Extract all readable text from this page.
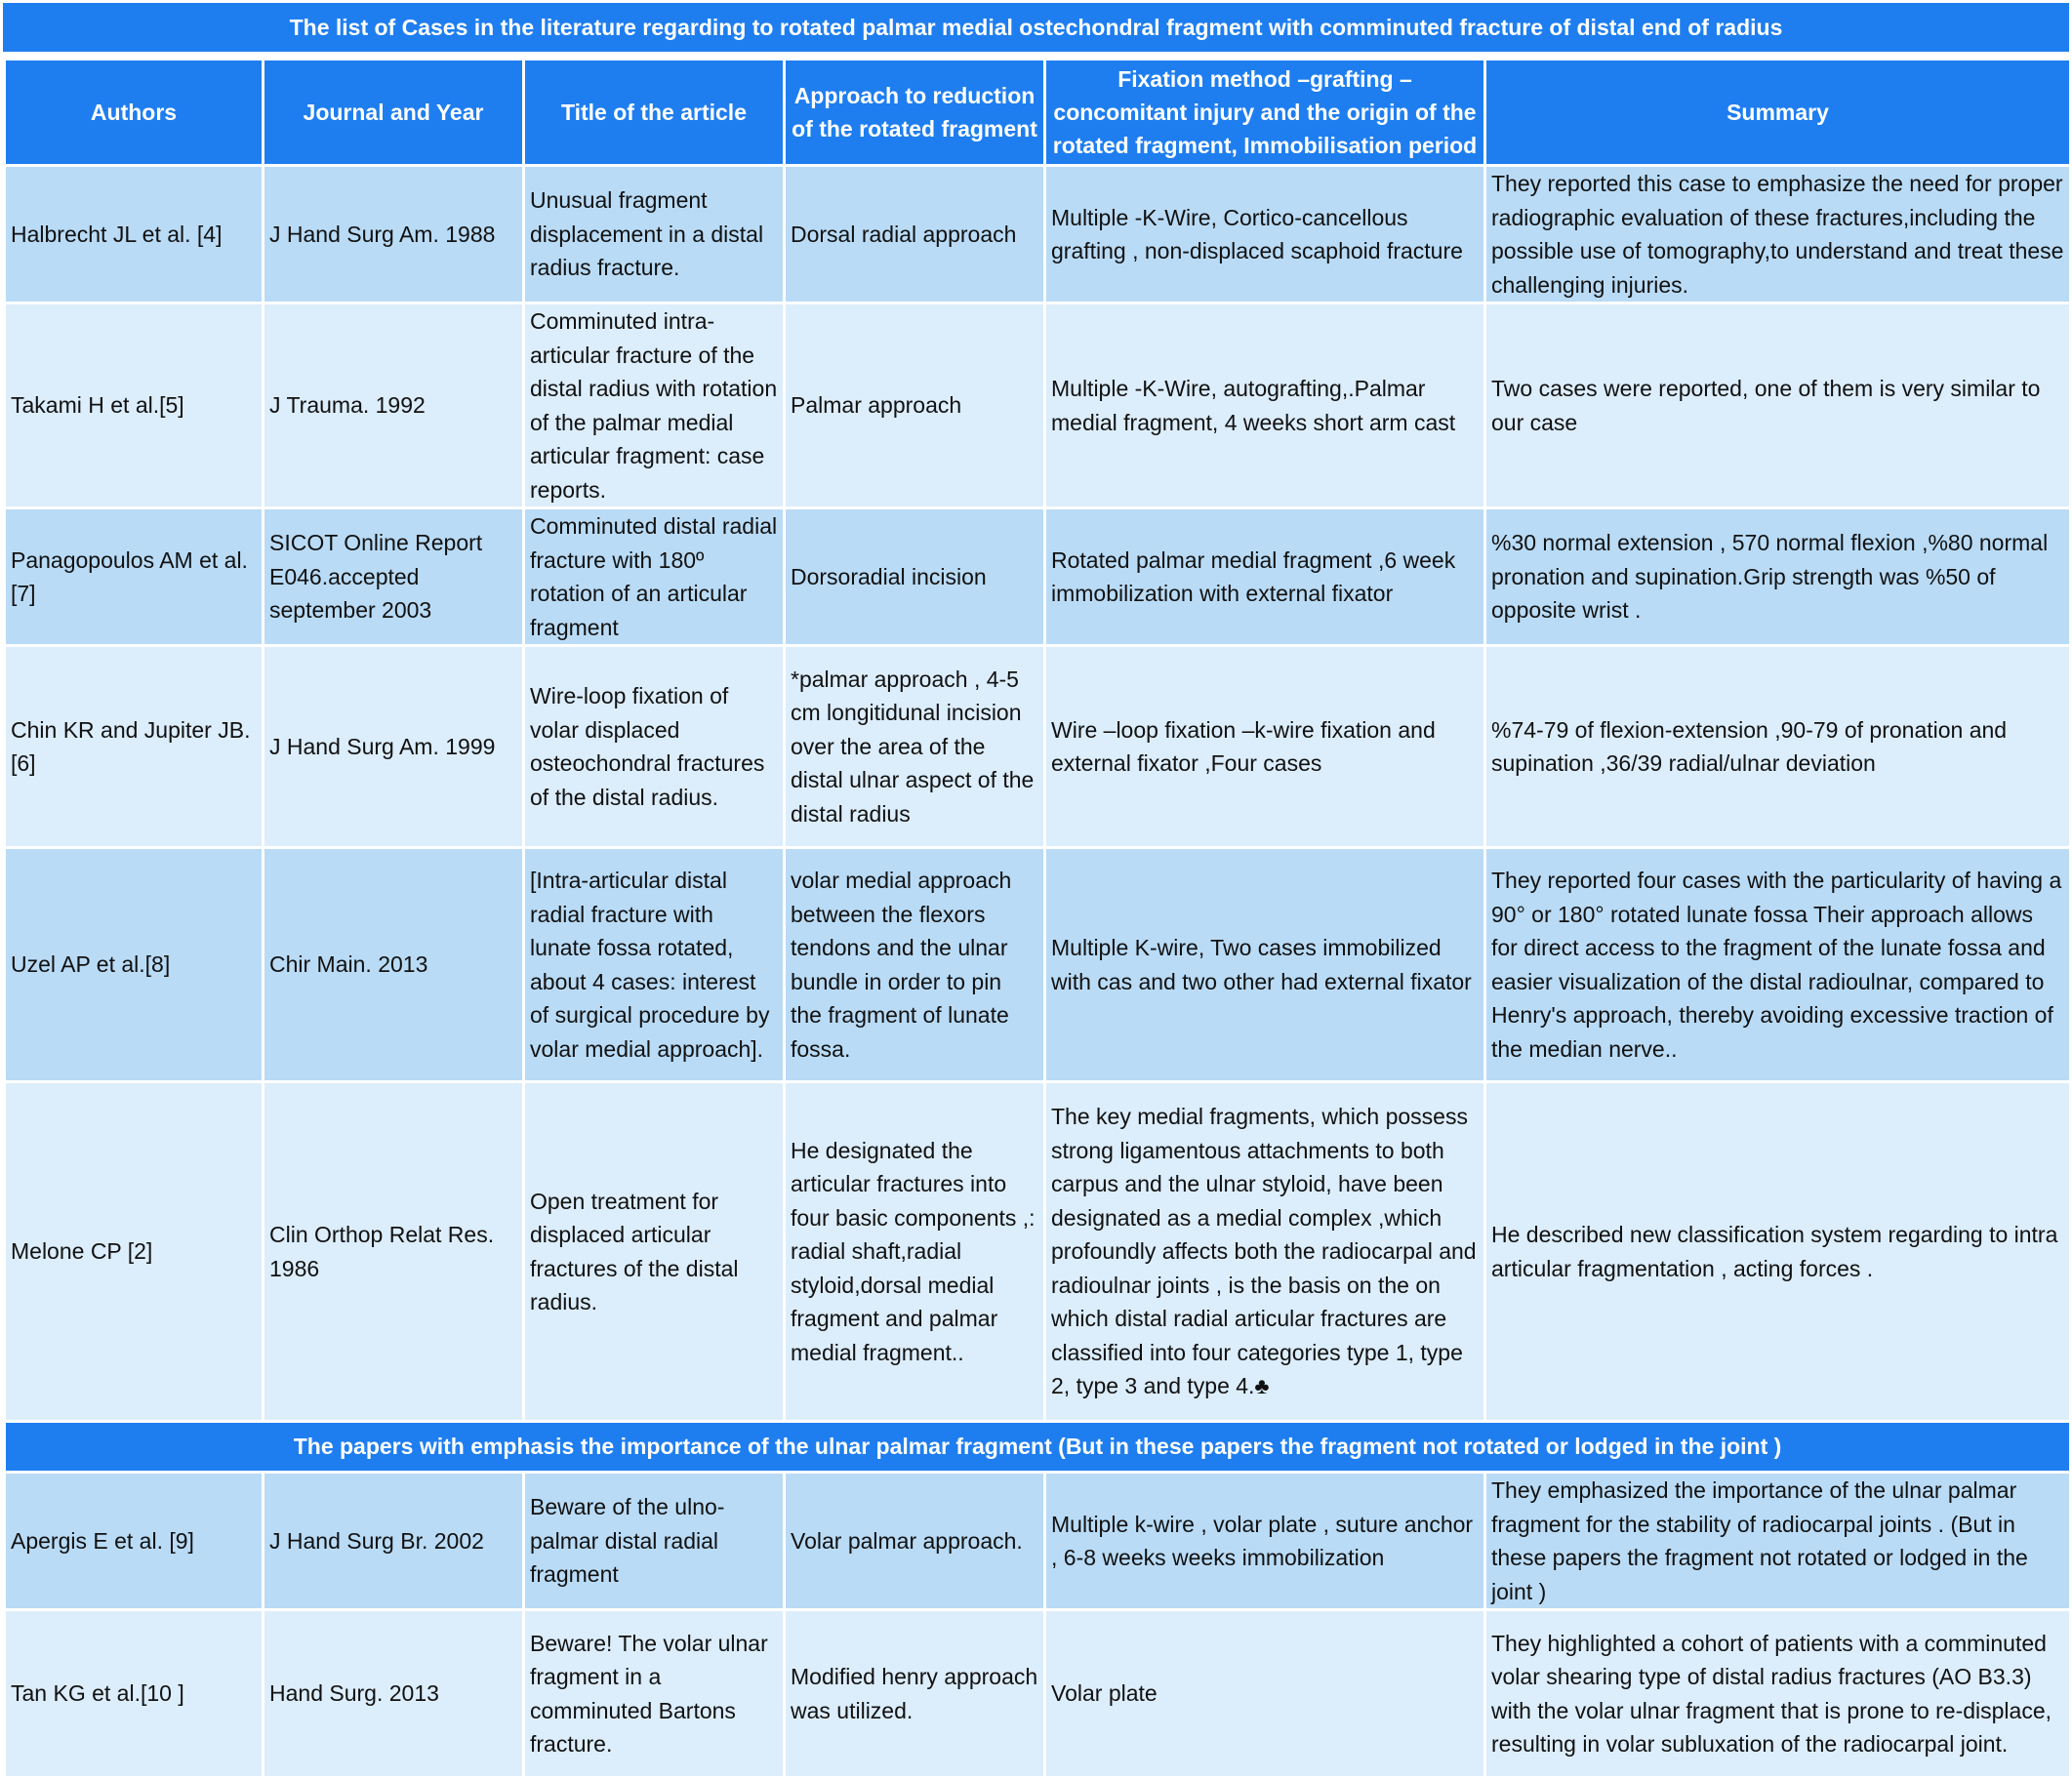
The list of Cases in the literature regarding to rotated palmar medial ostechondral fragment with comminuted fracture of distal end of radius
Authors	Journal and Year	Title of the article	Approach to reduction of the rotated fragment	Fixation method –grafting –concomitant injury and the origin of the rotated fragment, Immobilisation period	Summary
Halbrecht JL et al. [4]	J Hand Surg Am. 1988	Unusual fragment displacement in a distal radius fracture.	Dorsal radial approach	Multiple -K-Wire, Cortico-cancellous grafting , non-displaced scaphoid fracture	They reported this case to emphasize the need for proper radiographic evaluation of these fractures,including the possible use of tomography,to understand and treat these challenging injuries.
Takami H et al.[5]	J Trauma. 1992	Comminuted intra-articular fracture of the distal radius with rotation of the palmar medial articular fragment: case reports.	Palmar approach	Multiple -K-Wire, autografting,.Palmar medial fragment, 4 weeks short arm cast	Two cases were reported, one of them is very similar to our case
Panagopoulos AM et al. [7]	SICOT Online Report E046.accepted september 2003	Comminuted distal radial fracture with 180º rotation of an articular fragment	Dorsoradial incision	Rotated palmar medial fragment ,6 week immobilization with external fixator	%30 normal extension , 570 normal flexion ,%80 normal pronation and supination.Grip strength was %50 of opposite wrist .
Chin KR and Jupiter JB.[6]	J Hand Surg Am. 1999	Wire-loop fixation of volar displaced osteochondral fractures of the distal radius.	*palmar approach , 4-5 cm longitidunal incision over the area of the distal ulnar aspect of the distal radius	Wire –loop fixation –k-wire fixation and external fixator ,Four cases	%74-79 of flexion-extension ,90-79 of pronation and supination ,36/39 radial/ulnar deviation
Uzel AP et al.[8]	Chir Main. 2013	[Intra-articular distal radial fracture with lunate fossa rotated, about 4 cases: interest of surgical procedure by volar medial approach].	volar medial approach between the flexors tendons and the ulnar bundle in order to pin the fragment of lunate fossa.	Multiple K-wire, Two cases immobilized with cas and two other had external fixator	They reported four cases with the particularity of having a 90° or 180° rotated lunate fossa Their approach allows for direct access to the fragment of the lunate fossa and easier visualization of the distal radioulnar, compared to Henry's approach, thereby avoiding excessive traction of the median nerve..
Melone CP [2]	Clin Orthop Relat Res. 1986	Open treatment for displaced articular fractures of the distal radius.	He designated the articular fractures into four basic components ,: radial shaft,radial styloid,dorsal medial fragment and palmar medial fragment..	The key medial fragments, which possess strong ligamentous attachments to both carpus and the ulnar styloid, have been designated as a medial complex ,which profoundly affects both the radiocarpal and radioulnar joints , is the basis on the on which distal radial articular fractures are classified into four categories type 1, type 2, type 3 and type 4.♣	He described new classification system regarding to intra articular fragmentation , acting forces .
The papers with emphasis the importance of the ulnar palmar fragment (But in these papers the fragment not rotated or lodged in the joint )					
Apergis E et al. [9]	J Hand Surg Br. 2002	Beware of the ulno-palmar distal radial fragment	Volar palmar approach.	Multiple k-wire , volar plate , suture anchor , 6-8 weeks weeks immobilization	They emphasized the importance of the ulnar palmar fragment for the stability of radiocarpal joints . (But in these papers the fragment not rotated or lodged in the joint )
Tan KG et al.[10 ]	Hand Surg. 2013	Beware! The volar ulnar fragment in a comminuted Bartons fracture.	Modified henry approach was utilized.	Volar plate	They highlighted a cohort of patients with a comminuted volar shearing type of distal radius fractures (AO B3.3) with the volar ulnar fragment that is prone to re-displace, resulting in volar subluxation of the radiocarpal joint.
